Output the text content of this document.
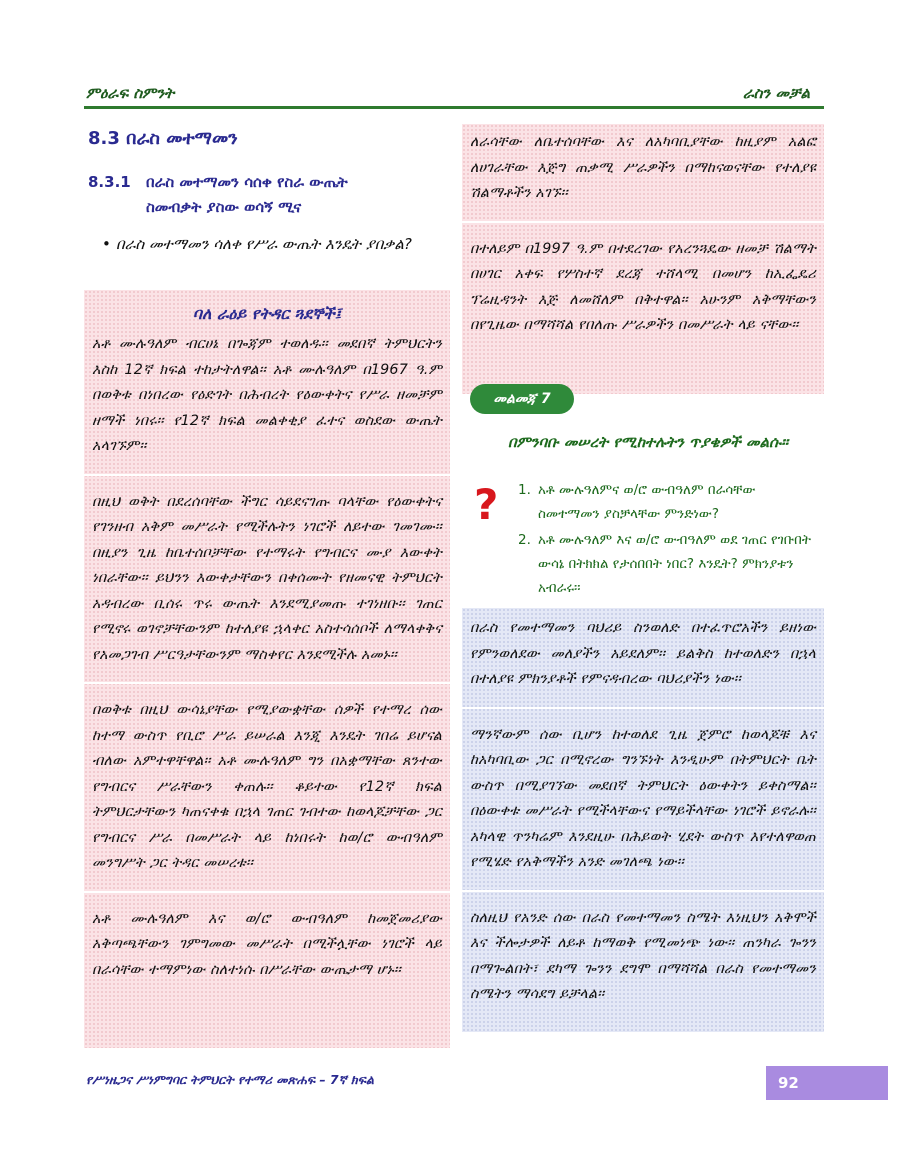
ምዕራፍ ስምንት	ራስን መቻል
8.3 በራስ መተማመን
8.3.1 በራስ መተማመን ሳሰቀ የስራ ውጤት
ስመብቃት ያስው ወሳኝ ሚና
• በራስ መተማመን ሳለቀ የሥራ ውጤት እንዴት ያበቃል?
ባለ ራዕይ የትዳር ጓደኞች፤

አቶ ሙሉዓለም ብርሀኔ በጐጃም ተወለዱ፡፡ መደበኛ ትምህርትን እስከ 12ኛ ክፍል ተከታትለዋል፡፡ አቶ ሙሉዓለም በ1967 ዓ.ም በወቅቱ በነበረው የዕድገት በሕብረት የዕውቀትና የሥራ ዘመቻም ዘማች ነበሩ፡፡ የ12ኛ ክፍል መልቀቂያ ፈተና ወስደው ውጤት አላገኙም፡፡

በዚህ ወቅት በደረሰባቸው ችግር ሳይደናገጡ ባላቸው የዕውቀትና የገንዘብ አቅም መሥራት የሚችሉትን ነገሮች ለይተው ገመገሙ፡፡ በዚያን ጊዜ ከቤተሰቦቻቸው የተማሩት የግብርና ሙያ እውቀት ነበራቸው፡፡ ይህንን እውቀታቸውን በቀሰሙት የዘመናዊ ትምህርት አዳብረው ቢሰሩ ጥሩ ውጤት እንደሚያመጡ ተገነዘቡ፡፡ ገጠር የሚኖሩ ወገኖቻቸውንም ከተለያዩ ኋላቀር አስተሳሰቦች ለማላቀቅና የአመጋገብ ሥርዓታቸውንም ማስቀየር እንደሚችሉ አመኑ፡፡

በወቅቱ በዚህ ውሳኔያቸው የሚያውቋቸው ሰዎች የተማረ ሰው ከተማ ውስጥ የቢሮ ሥራ ይሠራል እንጂ እንዴት ገበሬ ይሆናል ብለው አምተዋቸዋል፡፡ አቶ ሙሉዓለም ግን በአቋማቸው ጸንተው የግብርና ሥራቸውን ቀጠሉ፡፡ ቆይተው የ12ኛ ክፍል ትምህርታቸውን ካጠናቀቁ በኋላ ገጠር ገብተው ከወላጆቻቸው ጋር የግብርና ሥራ በመሥራት ላይ ከነበሩት ከወ/ሮ ውብዓለም መንግሥት ጋር ትዳር መሠረቱ፡፡

አቶ ሙሉዓለም እና ወ/ሮ ውብዓለም ከመጀመሪያው አቅጣጫቸውን ገምግመው መሥራት በሚችሏቸው ነገሮች ላይ በራሳቸው ተማምነው ስለተነሱ በሥራቸው ውጤታማ ሆኑ፡፡

ለራሳቸው ለቤተሰባቸው እና ለአካባቢያቸው ከዚያም አልፎ ለሀገራቸው እጅግ ጠቃሚ ሥራዎችን በማከናወናቸው የተለያዩ ሽልማቶችን አገኙ፡፡

በተለይም በ1997 ዓ.ም በተደረገው የአረንጓዴው ዘመቻ ሽልማት በሀገር አቀፍ የሦስተኛ ደረጃ ተሸላሚ በመሆን ከኢፌዴሪ ፕሬዚዳንት እጅ ለመሸለም በቅተዋል፡፡ አሁንም አቅማቸውን በየጊዜው በማሻሻል የበለጡ ሥራዎችን በመሥራት ላይ ናቸው፡፡

መልመጃ 7
በምንባቡ መሠረት የሚከተሉትን ጥያቄዎች መልሱ፡፡
? 1. አቶ ሙሉዓለምና ወ/ሮ ውብዓለም በራሳቸው ስመተማመን ያስቻላቸው ምንድነው?
2. አቶ ሙሉዓለም እና ወ/ሮ ውብዓለም ወደ ገጠር የገቡበት ውሳኔ በትክክል የታሰበበት ነበር? እንዴት? ምክንያቱን አብራሩ፡፡

በራስ የመተማመን ባህሪይ ስንወለድ በተፈጥሮአችን ይዘነው የምንወለደው መለያችን አይደለም፡፡ ይልቅስ ከተወለድን በኋላ በተለያዩ ምክንያቶች የምናዳብረው ባህሪያችን ነው፡፡

ማንኛውም ሰው ቢሆን ከተወለደ ጊዜ ጀምሮ ከወላጆቹ እና ከአካባቢው ጋር በሚኖረው ግንኙነት እንዲሁም በትምህርት ቤት ውስጥ በሚያገኘው መደበኛ ትምህርት ዕውቀትን ይቀስማል፡፡ በዕውቀቱ መሥራት የሚችላቸውና የማይችላቸው ነገሮች ይኖራሉ፡፡ አካላዊ ጥንካሬም እንደዚሁ በሕይወት ሂደት ውስጥ እየተለዋወጠ የሚሄድ የአቅማችን አንድ መገለጫ ነው፡፡

ስለዚህ የአንድ ሰው በራስ የመተማመን ስሜት እነዚህን አቅሞች እና ችሎታዎች ለይቶ ከማወቅ የሚመነጭ ነው፡፡ ጠንካራ ጐንን በማጐልበት፣ ደካማ ጐንን ደግሞ በማሻሻል በራስ የመተማመን ስሜትን ማሳደግ ይቻላል፡፡

የሥነዜጋና ሥነምግባር ትምህርት የተማሪ መጽሐፍ – 7ኛ ክፍል	92
